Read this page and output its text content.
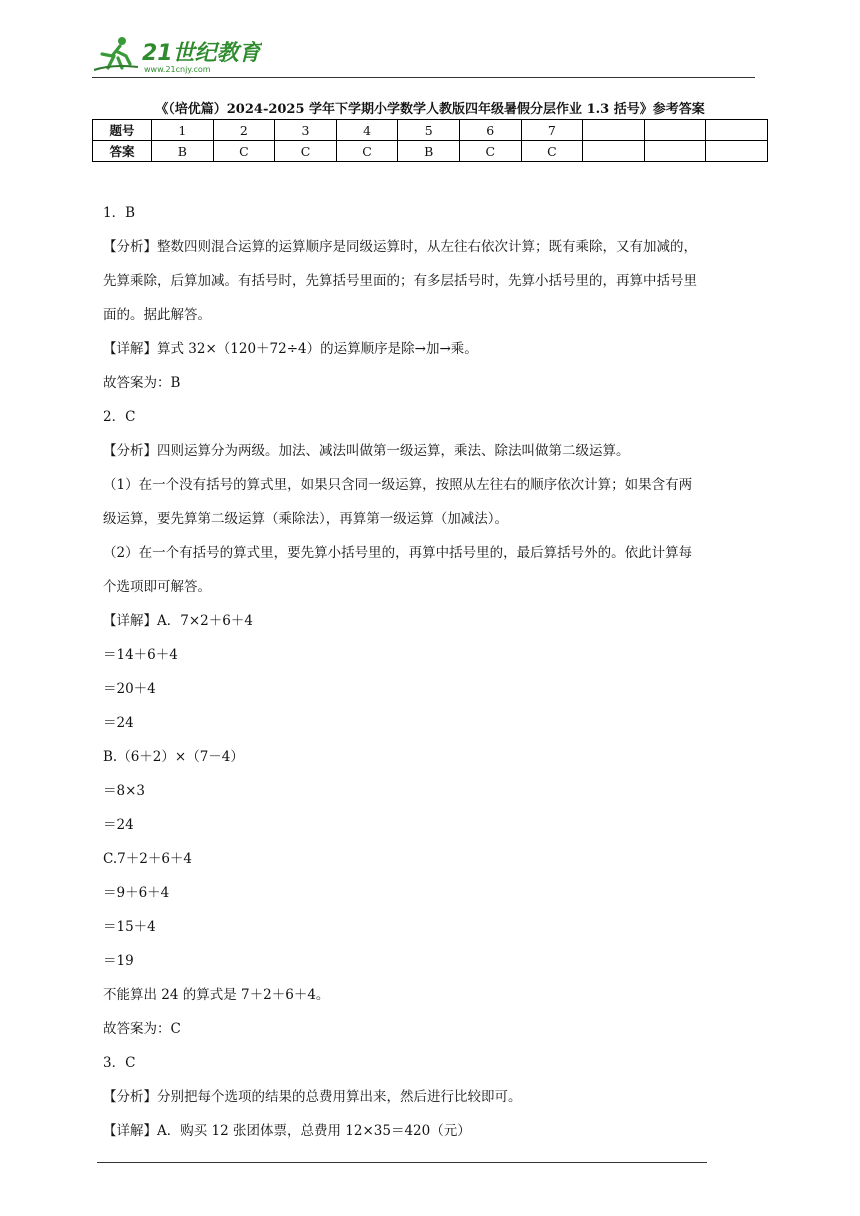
21世纪教育
www.21cnjy.com
《（培优篇）2024-2025 学年下学期小学数学人教版四年级暑假分层作业 1.3 括号》参考答案
题号	1	2	3	4	5	6	7			
答案	B	C	C	C	B	C	C			
1．B
【分析】整数四则混合运算的运算顺序是同级运算时，从左往右依次计算；既有乘除，又有加减的，
先算乘除，后算加减。有括号时，先算括号里面的；有多层括号时，先算小括号里的，再算中括号里
面的。据此解答。
【详解】算式 32×（120＋72÷4）的运算顺序是除→加→乘。
故答案为：B
2．C
【分析】四则运算分为两级。加法、减法叫做第一级运算，乘法、除法叫做第二级运算。
（1）在一个没有括号的算式里，如果只含同一级运算，按照从左往右的顺序依次计算；如果含有两
级运算，要先算第二级运算（乘除法），再算第一级运算（加减法）。
（2）在一个有括号的算式里，要先算小括号里的，再算中括号里的，最后算括号外的。依此计算每
个选项即可解答。
【详解】A．7×2＋6＋4
＝14＋6＋4
＝20＋4
＝24
B.（6＋2）×（7－4）
＝8×3
＝24
C.7＋2＋6＋4
＝9＋6＋4
＝15＋4
＝19
不能算出 24 的算式是 7＋2＋6＋4。
故答案为：C
3．C
【分析】分别把每个选项的结果的总费用算出来，然后进行比较即可。
【详解】A．购买 12 张团体票，总费用 12×35＝420（元）
